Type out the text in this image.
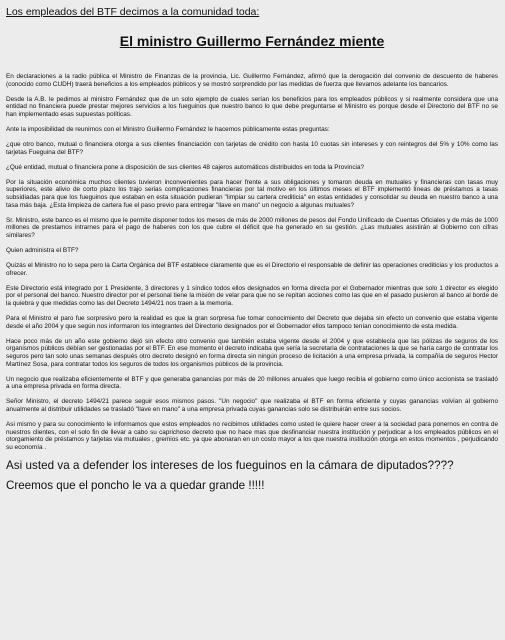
Los empleados del BTF decimos a la comunidad toda:
El ministro Guillermo Fernández miente
En declaraciones a la radio pública el Ministro de Finanzas de la provincia, Lic. Guillermo Fernández, afirmó que la derogación del convenio de descuento de haberes (conocido como CUDH) traerá beneficios a los empleados públicos y se mostró sorprendido por las medidas de fuerza que llevamos adelante los bancarios.
Desde la A.B. le pedimos al ministro Fernández que de un solo ejemplo de cuales serían los beneficios para los empleados públicos y si realmente considera que una entidad no financiera puede prestar mejores servicios a los fueguinos que nuestro banco lo que debe preguntarse el Ministro es porque desde el Directorio del BTF no se han implementado esas supuestas políticas.
Ante la imposibilidad de reunirnos con el Ministro Guillermo Fernández le hacemos públicamente estas preguntas:
¿que otro banco, mutual o financiera otorga a sus clientes financiación con tarjetas de crédito con hasta 10 cuotas sin intereses y con reintegros del 5% y 10% como las tarjetas Fueguina del BTF?
¿Qué entidad, mutual o financiera pone a disposición de sus clientes 48 cajeros automáticos distribuidos en toda la Provincia?
Por la situación económica muchos clientes tuvieron inconvenientes para hacer frente a sus obligaciones y tomaron deuda en mutuales y financieras con tasas muy superiores, este alivio de corto plazo los trajo serias complicaciones financieras por tal motivo en los últimos meses el BTF implementó líneas de préstamos a tasas subsidiadas para que los fueguinos que estaban en esta situación pudieran "limpiar su cartera crediticia" en estas entidades y consolidar su deuda en nuestro banco a una tasa más baja. ¿Esta limpieza de cartera fue el paso previo para entregar "llave en mano" un negocio a algunas mutuales?
Sr. Ministro, este banco es el mismo que le permite disponer todos los meses de más de 2000 millones de pesos del Fondo Unificado de Cuentas Oficiales y de más de 1000 millones de prestamos intrarnes para el pago de haberes con los que cubre el déficit que ha generado en su gestión. ¿Las mutuales asistirán al Gobierno con cifras similares?
Quien administra el BTF?
Quizás el Ministro no lo sepa pero la Carta Orgánica del BTF establece claramente que es el Directorio el responsable de definir las operaciones crediticias y los productos a ofrecer.
Este Directorio está integrado por 1 Presidente, 3 directores y 1 síndico todos ellos designados en forma directa por el Gobernador mientras que solo 1 director es elegido por el personal del banco. Nuestro director por el personal tiene la misión de velar para que no se repitan acciones como las que en el pasado pusieron al banco al borde de la quiebra y que medidas como las del Decreto 1494/21 nos traen a la memoria.
Para el Ministro el paro fue sorpresivo pero la realidad es que la gran sorpresa fue tomar conocimiento del Decreto que dejaba sin efecto un convenio que estaba vigente desde el año 2004 y que según nos informaron los integrantes del Directorio designados por el Gobernador ellos tampoco tenían conocimiento de esta medida.
Hace poco más de un año este gobierno dejó sin efecto otro convenio que también estaba vigente desde el 2004 y que establecía que las pólizas de seguros de los organismos públicos debían ser gestionadas por el BTF. En ese momento el decreto indicaba que sería la secretaria de contrataciones la que se haría cargo de contratar los seguros pero tan solo unas semanas después otro decreto designó en forma directa sin ningún proceso de licitación a una empresa privada, la compañía de seguros Hector Martínez Sosa, para contratar todos los seguros de todos los organismos públicos de la provincia.
Un negocio que realizaba eficientemente el BTF y que generaba ganancias por más de 20 millones anuales que luego recibía el gobierno como único accionista se trasladó a una empresa privada en forma directa.
Señor Ministro, el decreto 1494/21 parece seguir esos mismos pasos. "Un negocio" que realizaba el BTF en forma eficiente y cuyas ganancias volvían al gobierno anualmente al distribuir utilidades se trasladó "llave en mano" a una empresa privada cuyas ganancias solo se distribuirán entre sus socios.
Asi mismo y para su conocimiento le informamos que estos empleados no recibimos utilidades como usted le quiere hacer creer a la sociedad para ponernos en contra de nuestros clientes, con el solo fin de llevar a cabo su caprichoso decreto que no hace mas que desfinanciar nuestra institución y perjudicar a los empleados públicos en el otorgamiento de préstamos y tarjetas via mutuales , gremios etc. ya que abonaran en un costo mayor a los que nuestra institución otorga en estos momentos , perjudicando su economía .
Asi usted va a defender los intereses de los fueguinos en la cámara de diputados????
Creemos que el poncho le va a quedar grande !!!!!
